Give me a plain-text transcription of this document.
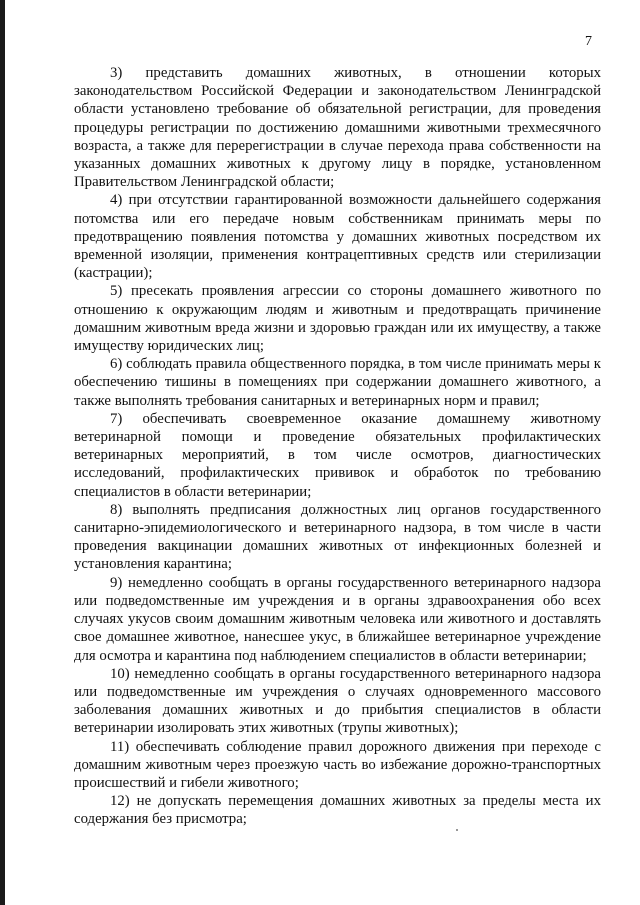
7

3) представить домашних животных, в отношении которых законодательством Российской Федерации и законодательством Ленинградской области установлено требование об обязательной регистрации, для проведения процедуры регистрации по достижению домашними животными трехмесячного возраста, а также для перерегистрации в случае перехода права собственности на указанных домашних животных к другому лицу в порядке, установленном Правительством Ленинградской области;

4) при отсутствии гарантированной возможности дальнейшего содержания потомства или его передаче новым собственникам принимать меры по предотвращению появления потомства у домашних животных посредством их временной изоляции, применения контрацептивных средств или стерилизации (кастрации);

5) пресекать проявления агрессии со стороны домашнего животного по отношению к окружающим людям и животным и предотвращать причинение домашним животным вреда жизни и здоровью граждан или их имуществу, а также имуществу юридических лиц;

6) соблюдать правила общественного порядка, в том числе принимать меры к обеспечению тишины в помещениях при содержании домашнего животного, а также выполнять требования санитарных и ветеринарных норм и правил;

7) обеспечивать своевременное оказание домашнему животному ветеринарной помощи и проведение обязательных профилактических ветеринарных мероприятий, в том числе осмотров, диагностических исследований, профилактических прививок и обработок по требованию специалистов в области ветеринарии;

8) выполнять предписания должностных лиц органов государственного санитарно-эпидемиологического и ветеринарного надзора, в том числе в части проведения вакцинации домашних животных от инфекционных болезней и установления карантина;

9) немедленно сообщать в органы государственного ветеринарного надзора или подведомственные им учреждения и в органы здравоохранения обо всех случаях укусов своим домашним животным человека или животного и доставлять свое домашнее животное, нанесшее укус, в ближайшее ветеринарное учреждение для осмотра и карантина под наблюдением специалистов в области ветеринарии;

10) немедленно сообщать в органы государственного ветеринарного надзора или подведомственные им учреждения о случаях одновременного массового заболевания домашних животных и до прибытия специалистов в области ветеринарии изолировать этих животных (трупы животных);

11) обеспечивать соблюдение правил дорожного движения при переходе с домашним животным через проезжую часть во избежание дорожно-транспортных происшествий и гибели животного;

12) не допускать перемещения домашних животных за пределы места их содержания без присмотра;
